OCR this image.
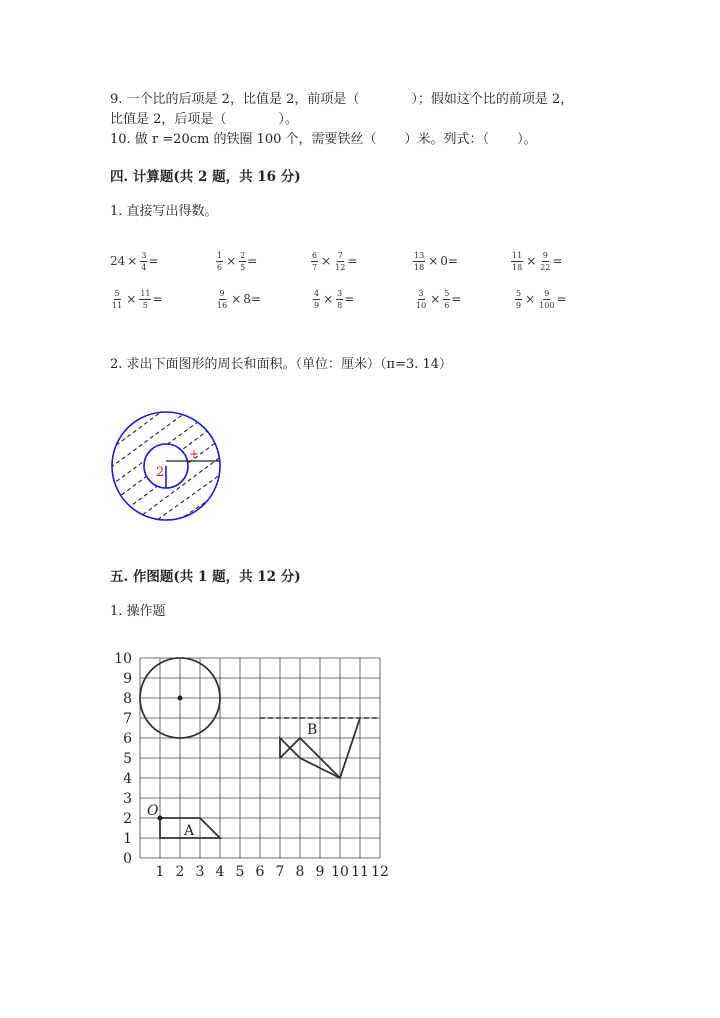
9. 一个比的后项是 2，比值是 2，前项是（	）；假如这个比的前项是 2，
比值是 2，后项是（	）。
10. 做 r =20cm 的铁圈 100 个，需要铁丝（ ）米。列式：（ ）。
四. 计算题(共 2 题，共 16 分)
1. 直接写出得数。
$24 \times \frac{3}{4}$ =	$\frac{1}{6} \times \frac{2}{5}$ =	$\frac{6}{7} \times \frac{7}{12}$ =	$\frac{13}{18} \times 0$ =	$\frac{11}{18} \times \frac{9}{22}$ =
$\frac{5}{11} \times \frac{11}{5}$ =	$\frac{9}{16} \times 8$ =	$\frac{4}{9} \times \frac{3}{8}$ =	$\frac{3}{10} \times \frac{5}{6}$ =	$\frac{5}{9} \times \frac{9}{100}$ =
2. 求出下面图形的周长和面积。（单位：厘米）（π=3. 14）
+
2
五. 作图题(共 1 题，共 12 分)
1. 操作题
10
9
8
7
6
5
4
3
2
1
0
1 2 3 4 5 6 7 8 9 10 11 12
B
O
A
